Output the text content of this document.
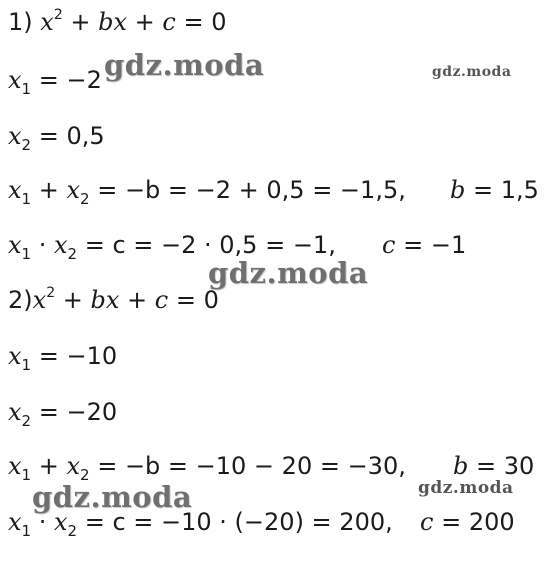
1) $x^2$ + bx + c = 0
$x_1 = -2$
$x_2 = 0,5$
$x_1 + x_2 = -b = -2 + 0,5 = -1,5$, b = 1,5
$x_1 \cdot x_2 = c = -2 \cdot 0,5 = -1$, c = −1
$2)x^2$ + bx + c = 0
$x_1 = -10$
$x_2 = -20$
$x_1 + x_2 = -b = -10 - 20 = -30$, b = 30
$x_1 \cdot x_2 = c = -10 \cdot (-20) = 200$, c = 200
gdz.moda	gdz.moda
gdz.moda
gdz.moda	gdz.moda
